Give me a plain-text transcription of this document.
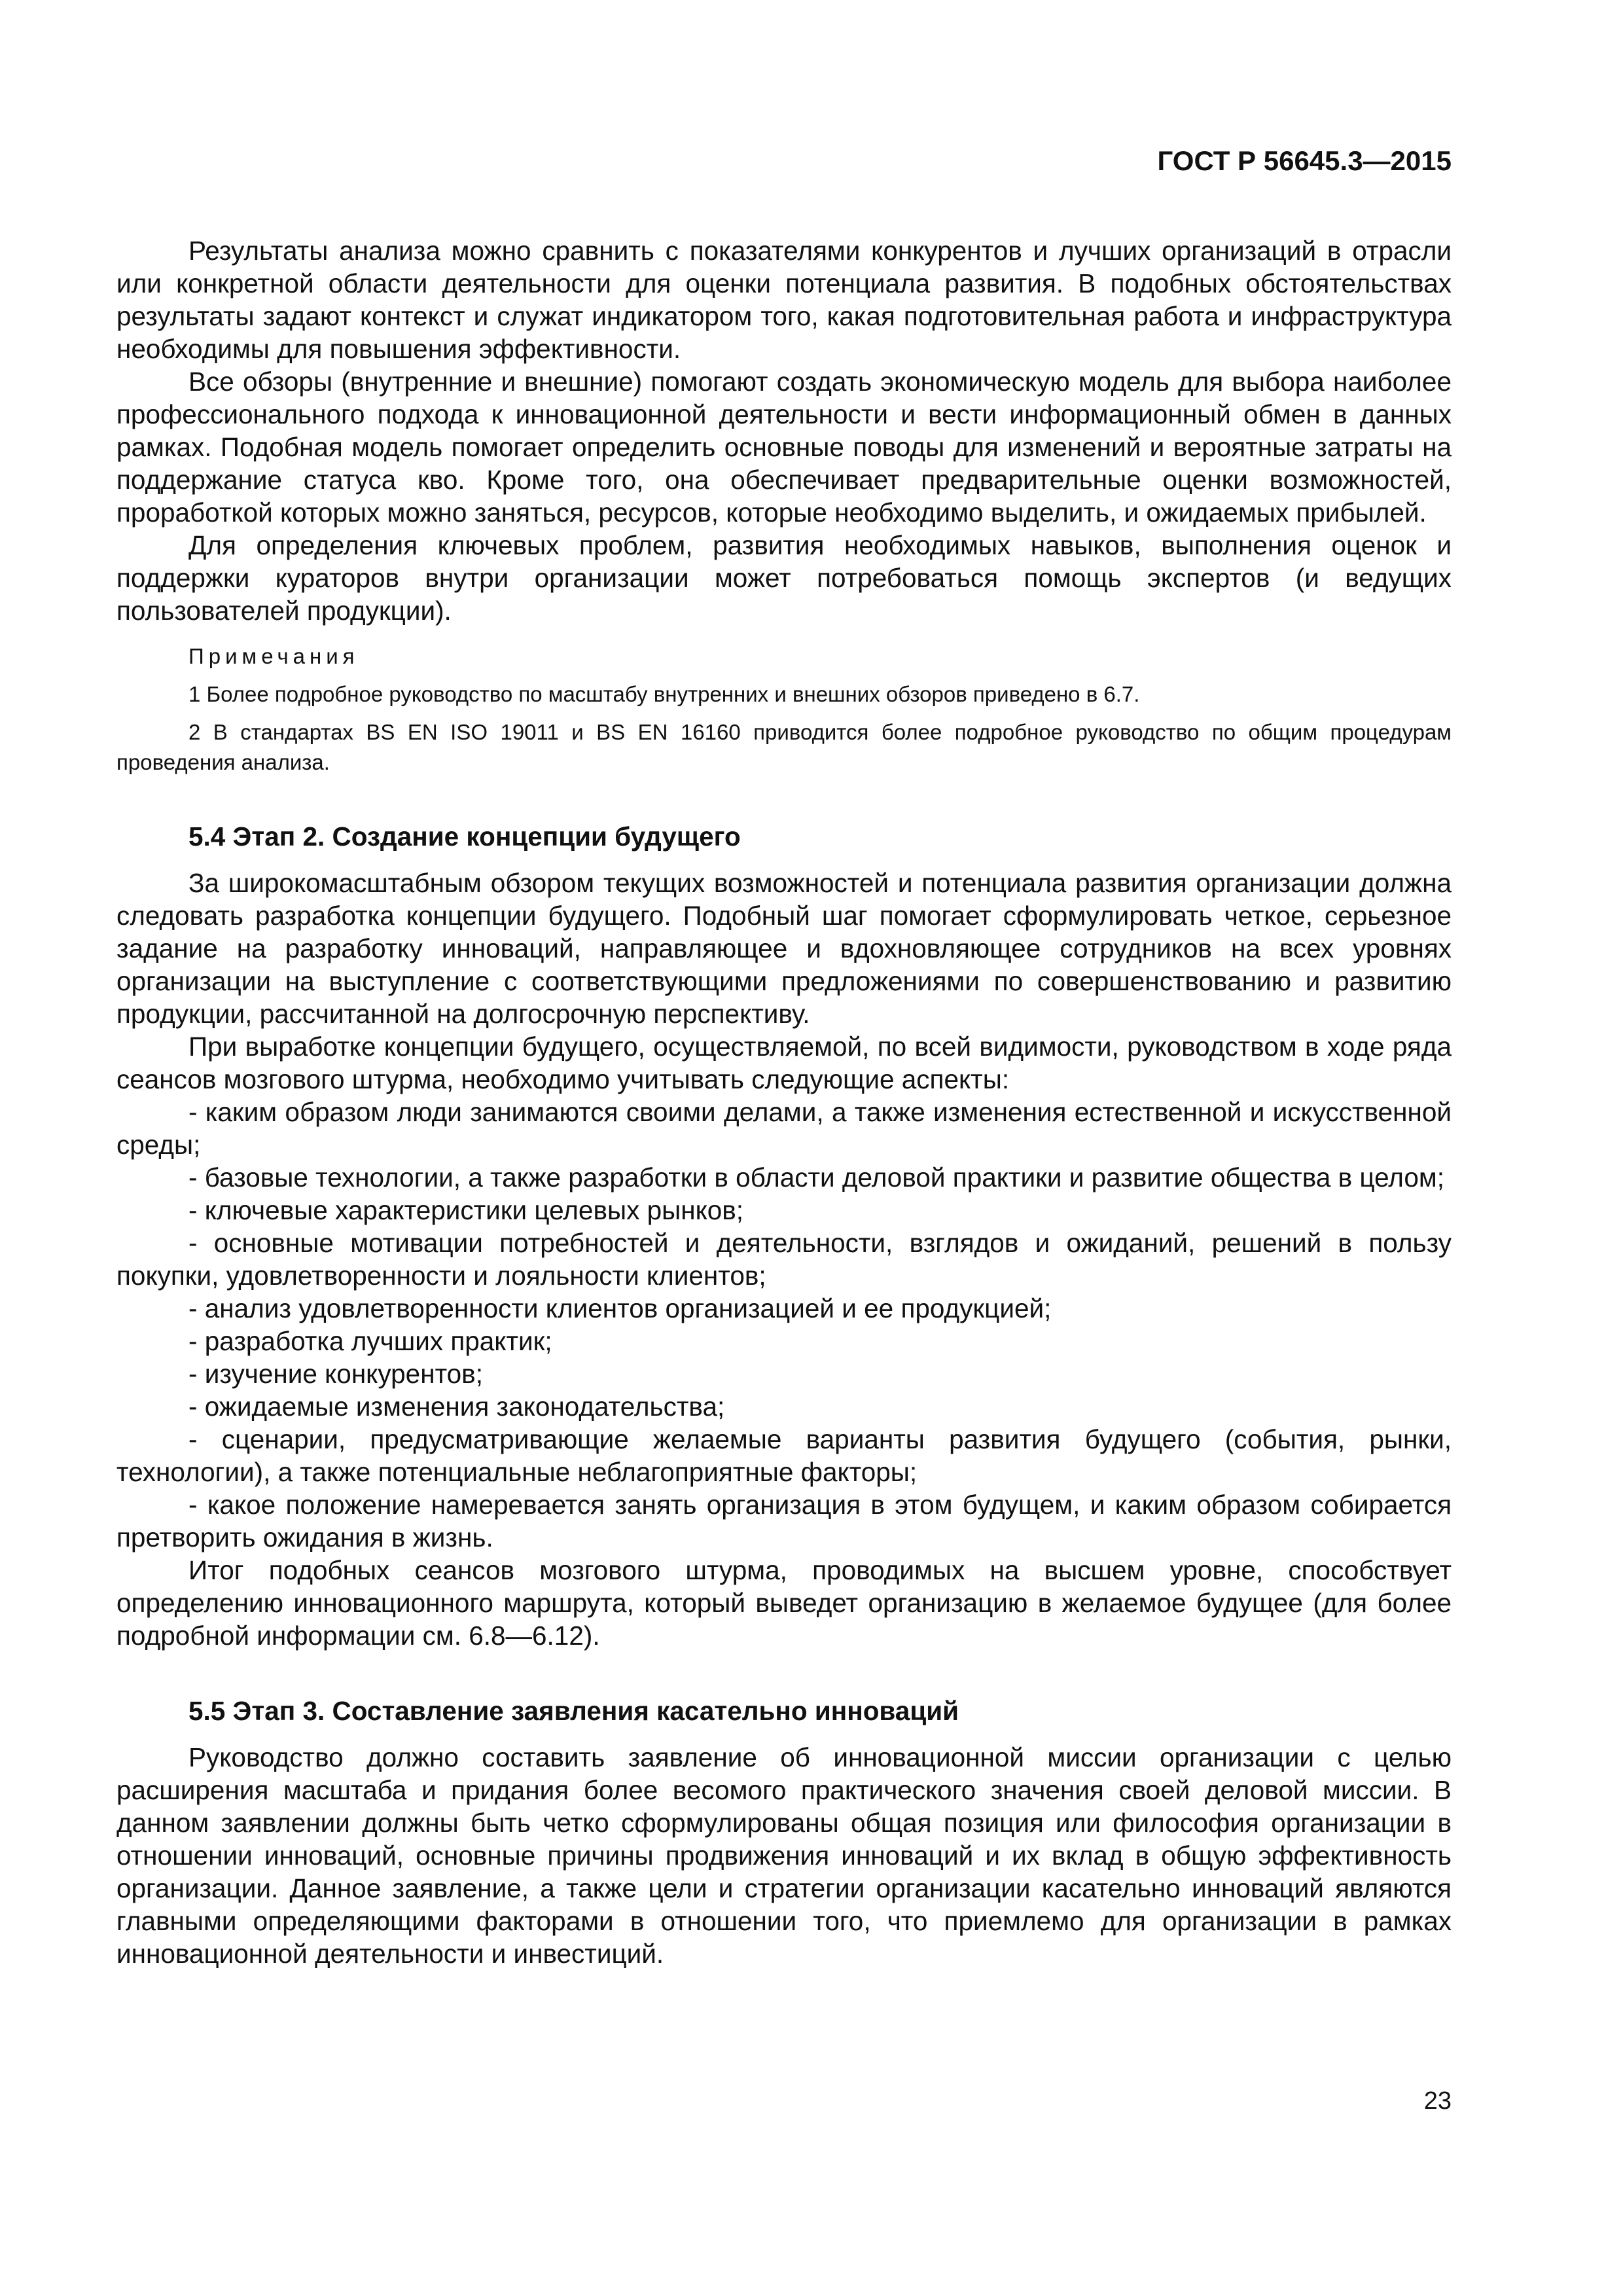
ГОСТ Р 56645.3—2015

Результаты анализа можно сравнить с показателями конкурентов и лучших организаций в отрасли или конкретной области деятельности для оценки потенциала развития. В подобных обстоятельствах результаты задают контекст и служат индикатором того, какая подготовительная работа и инфраструктура необходимы для повышения эффективности.

Все обзоры (внутренние и внешние) помогают создать экономическую модель для выбора наиболее профессионального подхода к инновационной деятельности и вести информационный обмен в данных рамках. Подобная модель помогает определить основные поводы для изменений и вероятные затраты на поддержание статуса кво. Кроме того, она обеспечивает предварительные оценки возможностей, проработкой которых можно заняться, ресурсов, которые необходимо выделить, и ожидаемых прибылей.

Для определения ключевых проблем, развития необходимых навыков, выполнения оценок и поддержки кураторов внутри организации может потребоваться помощь экспертов (и ведущих пользователей продукции).

Примечания
1 Более подробное руководство по масштабу внутренних и внешних обзоров приведено в 6.7.
2 В стандартах BS EN ISO 19011 и BS EN 16160 приводится более подробное руководство по общим процедурам проведения анализа.
5.4 Этап 2. Создание концепции будущего

За широкомасштабным обзором текущих возможностей и потенциала развития организации должна следовать разработка концепции будущего. Подобный шаг помогает сформулировать четкое, серьезное задание на разработку инноваций, направляющее и вдохновляющее сотрудников на всех уровнях организации на выступление с соответствующими предложениями по совершенствованию и развитию продукции, рассчитанной на долгосрочную перспективу.

При выработке концепции будущего, осуществляемой, по всей видимости, руководством в ходе ряда сеансов мозгового штурма, необходимо учитывать следующие аспекты:

- каким образом люди занимаются своими делами, а также изменения естественной и искусственной среды;

- базовые технологии, а также разработки в области деловой практики и развитие общества в целом;

- ключевые характеристики целевых рынков;

- основные мотивации потребностей и деятельности, взглядов и ожиданий, решений в пользу покупки, удовлетворенности и лояльности клиентов;

- анализ удовлетворенности клиентов организацией и ее продукцией;

- разработка лучших практик;

- изучение конкурентов;

- ожидаемые изменения законодательства;

- сценарии, предусматривающие желаемые варианты развития будущего (события, рынки, технологии), а также потенциальные неблагоприятные факторы;

- какое положение намеревается занять организация в этом будущем, и каким образом собирается претворить ожидания в жизнь.

Итог подобных сеансов мозгового штурма, проводимых на высшем уровне, способствует определению инновационного маршрута, который выведет организацию в желаемое будущее (для более подробной информации см. 6.8—6.12).

5.5 Этап 3. Составление заявления касательно инноваций

Руководство должно составить заявление об инновационной миссии организации с целью расширения масштаба и придания более весомого практического значения своей деловой миссии. В данном заявлении должны быть четко сформулированы общая позиция или философия организации в отношении инноваций, основные причины продвижения инноваций и их вклад в общую эффективность организации. Данное заявление, а также цели и стратегии организации касательно инноваций являются главными определяющими факторами в отношении того, что приемлемо для организации в рамках инновационной деятельности и инвестиций.

23
